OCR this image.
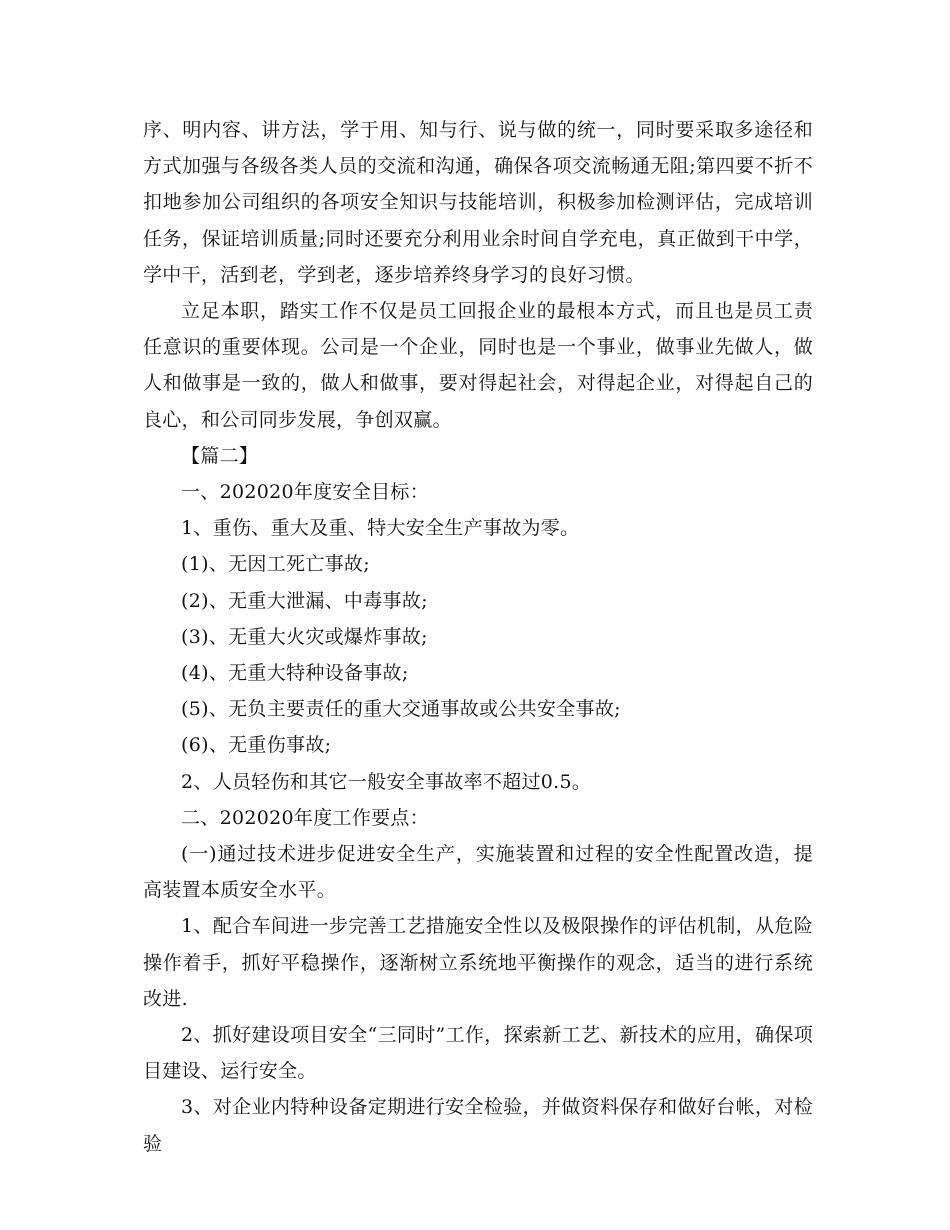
序、明内容、讲方法，学于用、知与行、说与做的统一，同时要采取多途径和方式加强与各级各类人员的交流和沟通，确保各项交流畅通无阻;第四要不折不扣地参加公司组织的各项安全知识与技能培训，积极参加检测评估，完成培训任务，保证培训质量;同时还要充分利用业余时间自学充电，真正做到干中学，学中干，活到老，学到老，逐步培养终身学习的良好习惯。

立足本职，踏实工作不仅是员工回报企业的最根本方式，而且也是员工责任意识的重要体现。公司是一个企业，同时也是一个事业，做事业先做人，做人和做事是一致的，做人和做事，要对得起社会，对得起企业，对得起自己的良心，和公司同步发展，争创双赢。

【篇二】

一、202020年度安全目标：

1、重伤、重大及重、特大安全生产事故为零。

(1)、无因工死亡事故;

(2)、无重大泄漏、中毒事故;

(3)、无重大火灾或爆炸事故;

(4)、无重大特种设备事故;

(5)、无负主要责任的重大交通事故或公共安全事故;

(6)、无重伤事故;

2、人员轻伤和其它一般安全事故率不超过0.5。

二、202020年度工作要点：

(一)通过技术进步促进安全生产，实施装置和过程的安全性配置改造，提高装置本质安全水平。

1、配合车间进一步完善工艺措施安全性以及极限操作的评估机制，从危险操作着手，抓好平稳操作，逐渐树立系统地平衡操作的观念，适当的进行系统改进.

2、抓好建设项目安全“三同时”工作，探索新工艺、新技术的应用，确保项目建设、运行安全。

3、对企业内特种设备定期进行安全检验，并做资料保存和做好台帐，对检验
